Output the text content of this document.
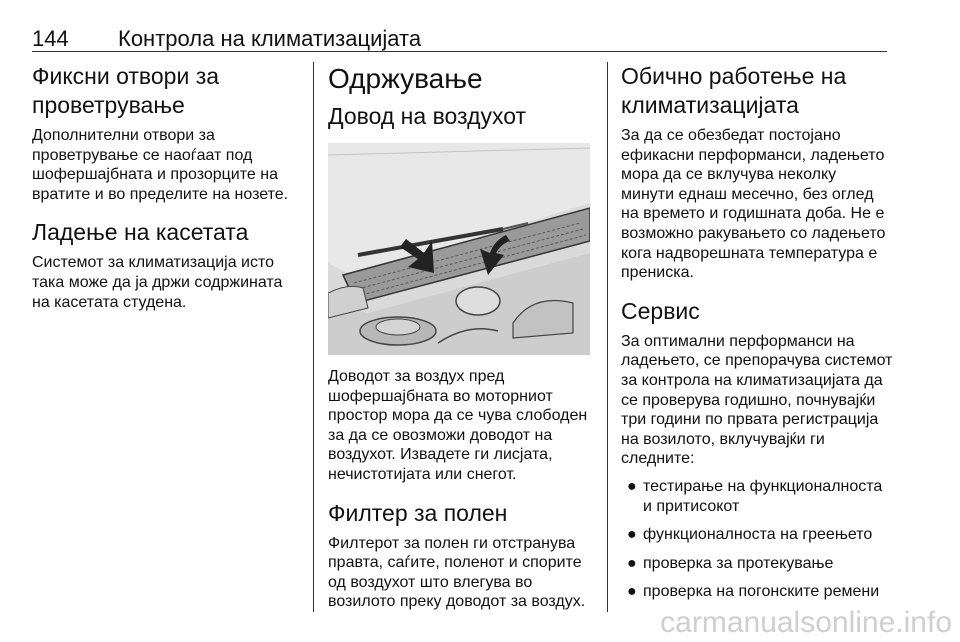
144 Контрола на климатизацијата
Фиксни отвори за проветрување

Дополнителни отвори за проветрување се наоѓаат под шофершајбната и прозорците на вратите и во пределите на нозете.

Ладење на касетата

Системот за климатизација исто така може да ја држи содржината на касетата студена.

Одржување
Довод на воздухот

Доводот за воздух пред шофершајбната во моторниот простор мора да се чува слободен за да се овозможи доводот на воздухот. Извадете ги лисјата, нечистотијата или снегот.

Филтер за полен

Филтерот за полен ги отстранува правта, саѓите, поленот и спорите од воздухот што влегува во возилото преку доводот за воздух.

Обично работење на климатизацијата

За да се обезбедат постојано ефикасни перформанси, ладењето мора да се вклучува неколку минути еднаш месечно, без оглед на времето и годишната доба. Не е возможно ракувањето со ладењето кога надворешната температура е прениска.

Сервис

За оптимални перформанси на ладењето, се препорачува системот за контрола на климатизацијата да се проверува годишно, почнувајќи три години по првата регистрација на возилото, вклучувајќи ги следните:

● тестирање на функционалноста и притисокот
● функционалноста на греењето
● проверка за протекување
● проверка на погонските ремени
carmanualsonline.info
